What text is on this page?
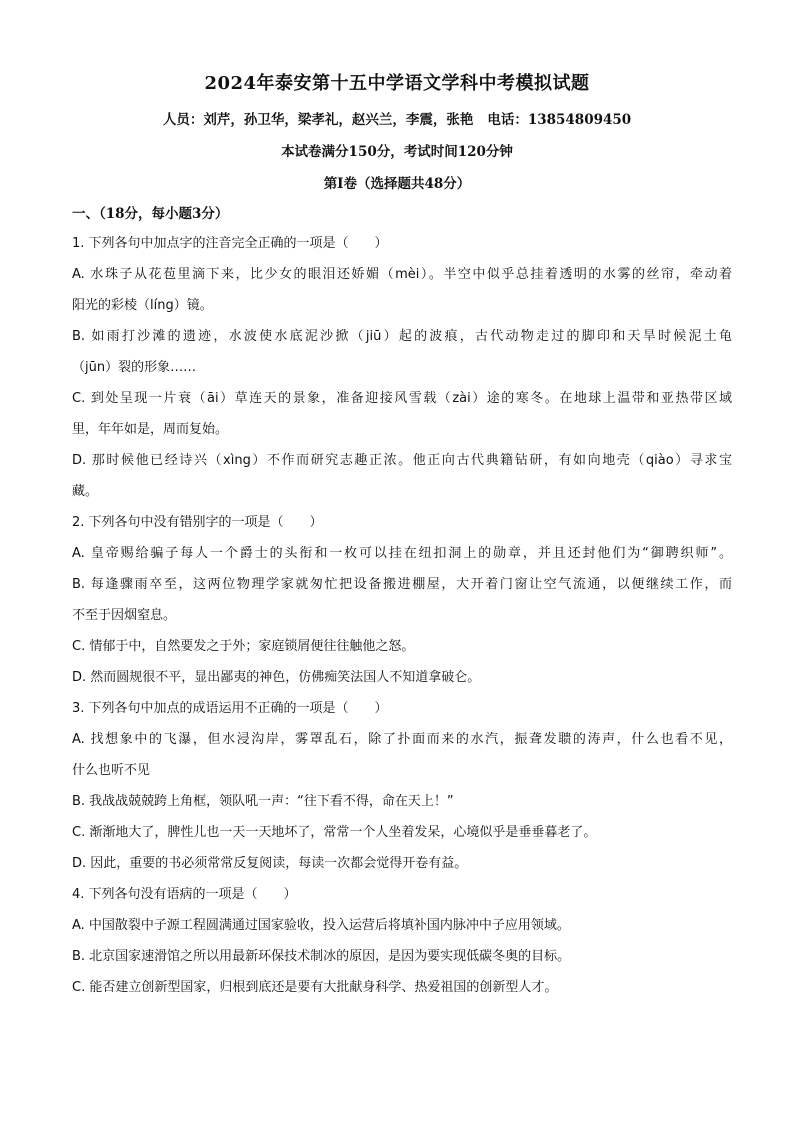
2024年泰安第十五中学语文学科中考模拟试题
人员：刘芹，孙卫华，梁孝礼，赵兴兰，李震，张艳 电话：13854809450
本试卷满分150分，考试时间120分钟
第Ⅰ卷（选择题共48分）
一、（18分，每小题3分）
1. 下列各句中加点字的注音完全正确的一项是（　　）
A. 水珠子从花苞里滴下来，比少女的眼泪还娇媚（mèi）。半空中似乎总挂着透明的水雾的丝帘，牵动着
阳光的彩棱（líng）镜。
B. 如雨打沙滩的遗迹，水波使水底泥沙掀（jiū）起的波痕，古代动物走过的脚印和天旱时候泥土龟
（jūn）裂的形象……
C. 到处呈现一片衰（āi）草连天的景象，准备迎接风雪载（zài）途的寒冬。在地球上温带和亚热带区域
里，年年如是，周而复始。
D. 那时候他已经诗兴（xìng）不作而研究志趣正浓。他正向古代典籍钻研，有如向地壳（qiào）寻求宝
藏。
2. 下列各句中没有错别字的一项是（　　）
A. 皇帝赐给骗子每人一个爵士的头衔和一枚可以挂在纽扣洞上的勋章，并且还封他们为“御聘织师”。
B. 每逢骤雨卒至，这两位物理学家就匆忙把设备搬进棚屋，大开着门窗让空气流通，以便继续工作，而
不至于因烟窒息。
C. 情郁于中，自然要发之于外；家庭锁屑便往往触他之怒。
D. 然而圆规很不平，显出鄙夷的神色，仿佛痴笑法国人不知道拿破仑。
3. 下列各句中加点的成语运用不正确的一项是（　　）
A. 找想象中的飞瀑，但水浸沟岸，雾罩乱石，除了扑面而来的水汽，振聋发聩的涛声，什么也看不见，
什么也听不见
B. 我战战兢兢跨上角框，领队吼一声：“往下看不得，命在天上！”
C. 渐渐地大了，脾性儿也一天一天地坏了，常常一个人坐着发呆，心境似乎是垂垂暮老了。
D. 因此，重要的书必须常常反复阅读，每读一次都会觉得开卷有益。
4. 下列各句没有语病的一项是（　　）
A. 中国散裂中子源工程圆满通过国家验收，投入运营后将填补国内脉冲中子应用领域。
B. 北京国家速滑馆之所以用最新环保技术制冰的原因，是因为要实现低碳冬奥的目标。
C. 能否建立创新型国家，归根到底还是要有大批献身科学、热爱祖国的创新型人才。
